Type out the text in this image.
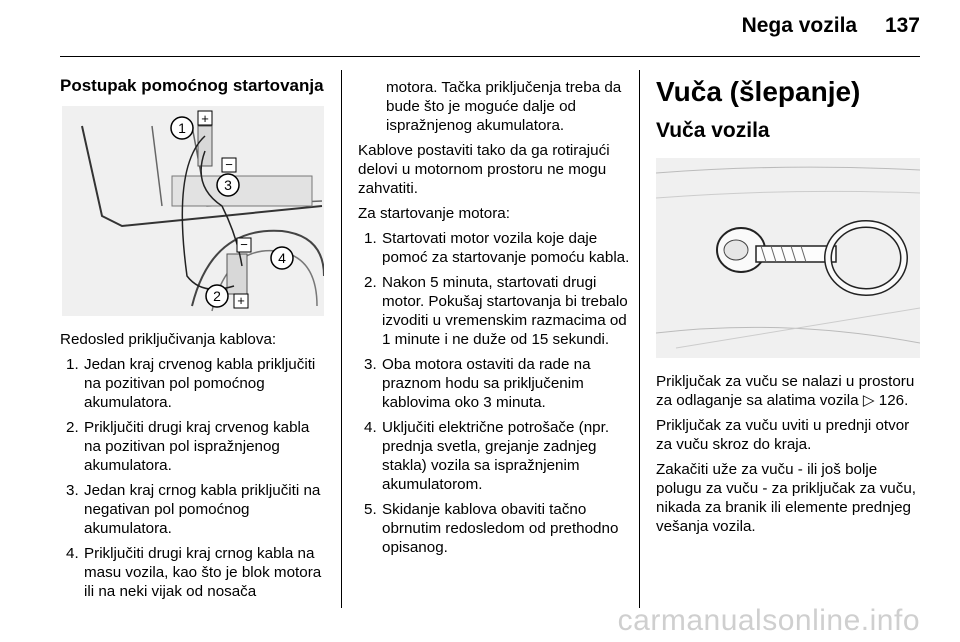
Nega vozila 137
Postupak pomoćnog startovanja
1
3
4
2
+
−
−
+

Redosled priključivanja kablova:

1. Jedan kraj crvenog kabla priključiti na pozitivan pol pomoćnog akumulatora.
2. Priključiti drugi kraj crvenog kabla na pozitivan pol ispražnjenog akumulatora.
3. Jedan kraj crnog kabla priključiti na negativan pol pomoćnog akumulatora.
4. Priključiti drugi kraj crnog kabla na masu vozila, kao što je blok motora ili na neki vijak od nosača

motora. Tačka priključenja treba da bude što je moguće dalje od ispražnjenog akumulatora.

Kablove postaviti tako da ga rotirajući delovi u motornom prostoru ne mogu zahvatiti.

Za startovanje motora:

1. Startovati motor vozila koje daje pomoć za startovanje pomoću kabla.
2. Nakon 5 minuta, startovati drugi motor. Pokušaj startovanja bi trebalo izvoditi u vremenskim razmacima od 1 minute i ne duže od 15 sekundi.
3. Oba motora ostaviti da rade na praznom hodu sa priključenim kablovima oko 3 minuta.
4. Uključiti električne potrošače (npr. prednja svetla, grejanje zadnjeg stakla) vozila sa ispražnjenim akumulatorom.
5. Skidanje kablova obaviti tačno obrnutim redosledom od prethodno opisanog.
Vuča (šlepanje)
Vuča vozila

Priključak za vuču se nalazi u prostoru za odlaganje sa alatima vozila ▷ 126.

Priključak za vuču uviti u prednji otvor za vuču skroz do kraja.

Zakačiti uže za vuču - ili još bolje polugu za vuču - za priključak za vuču, nikada za branik ili elemente prednjeg vešanja vozila.

carmanualsonline.info
